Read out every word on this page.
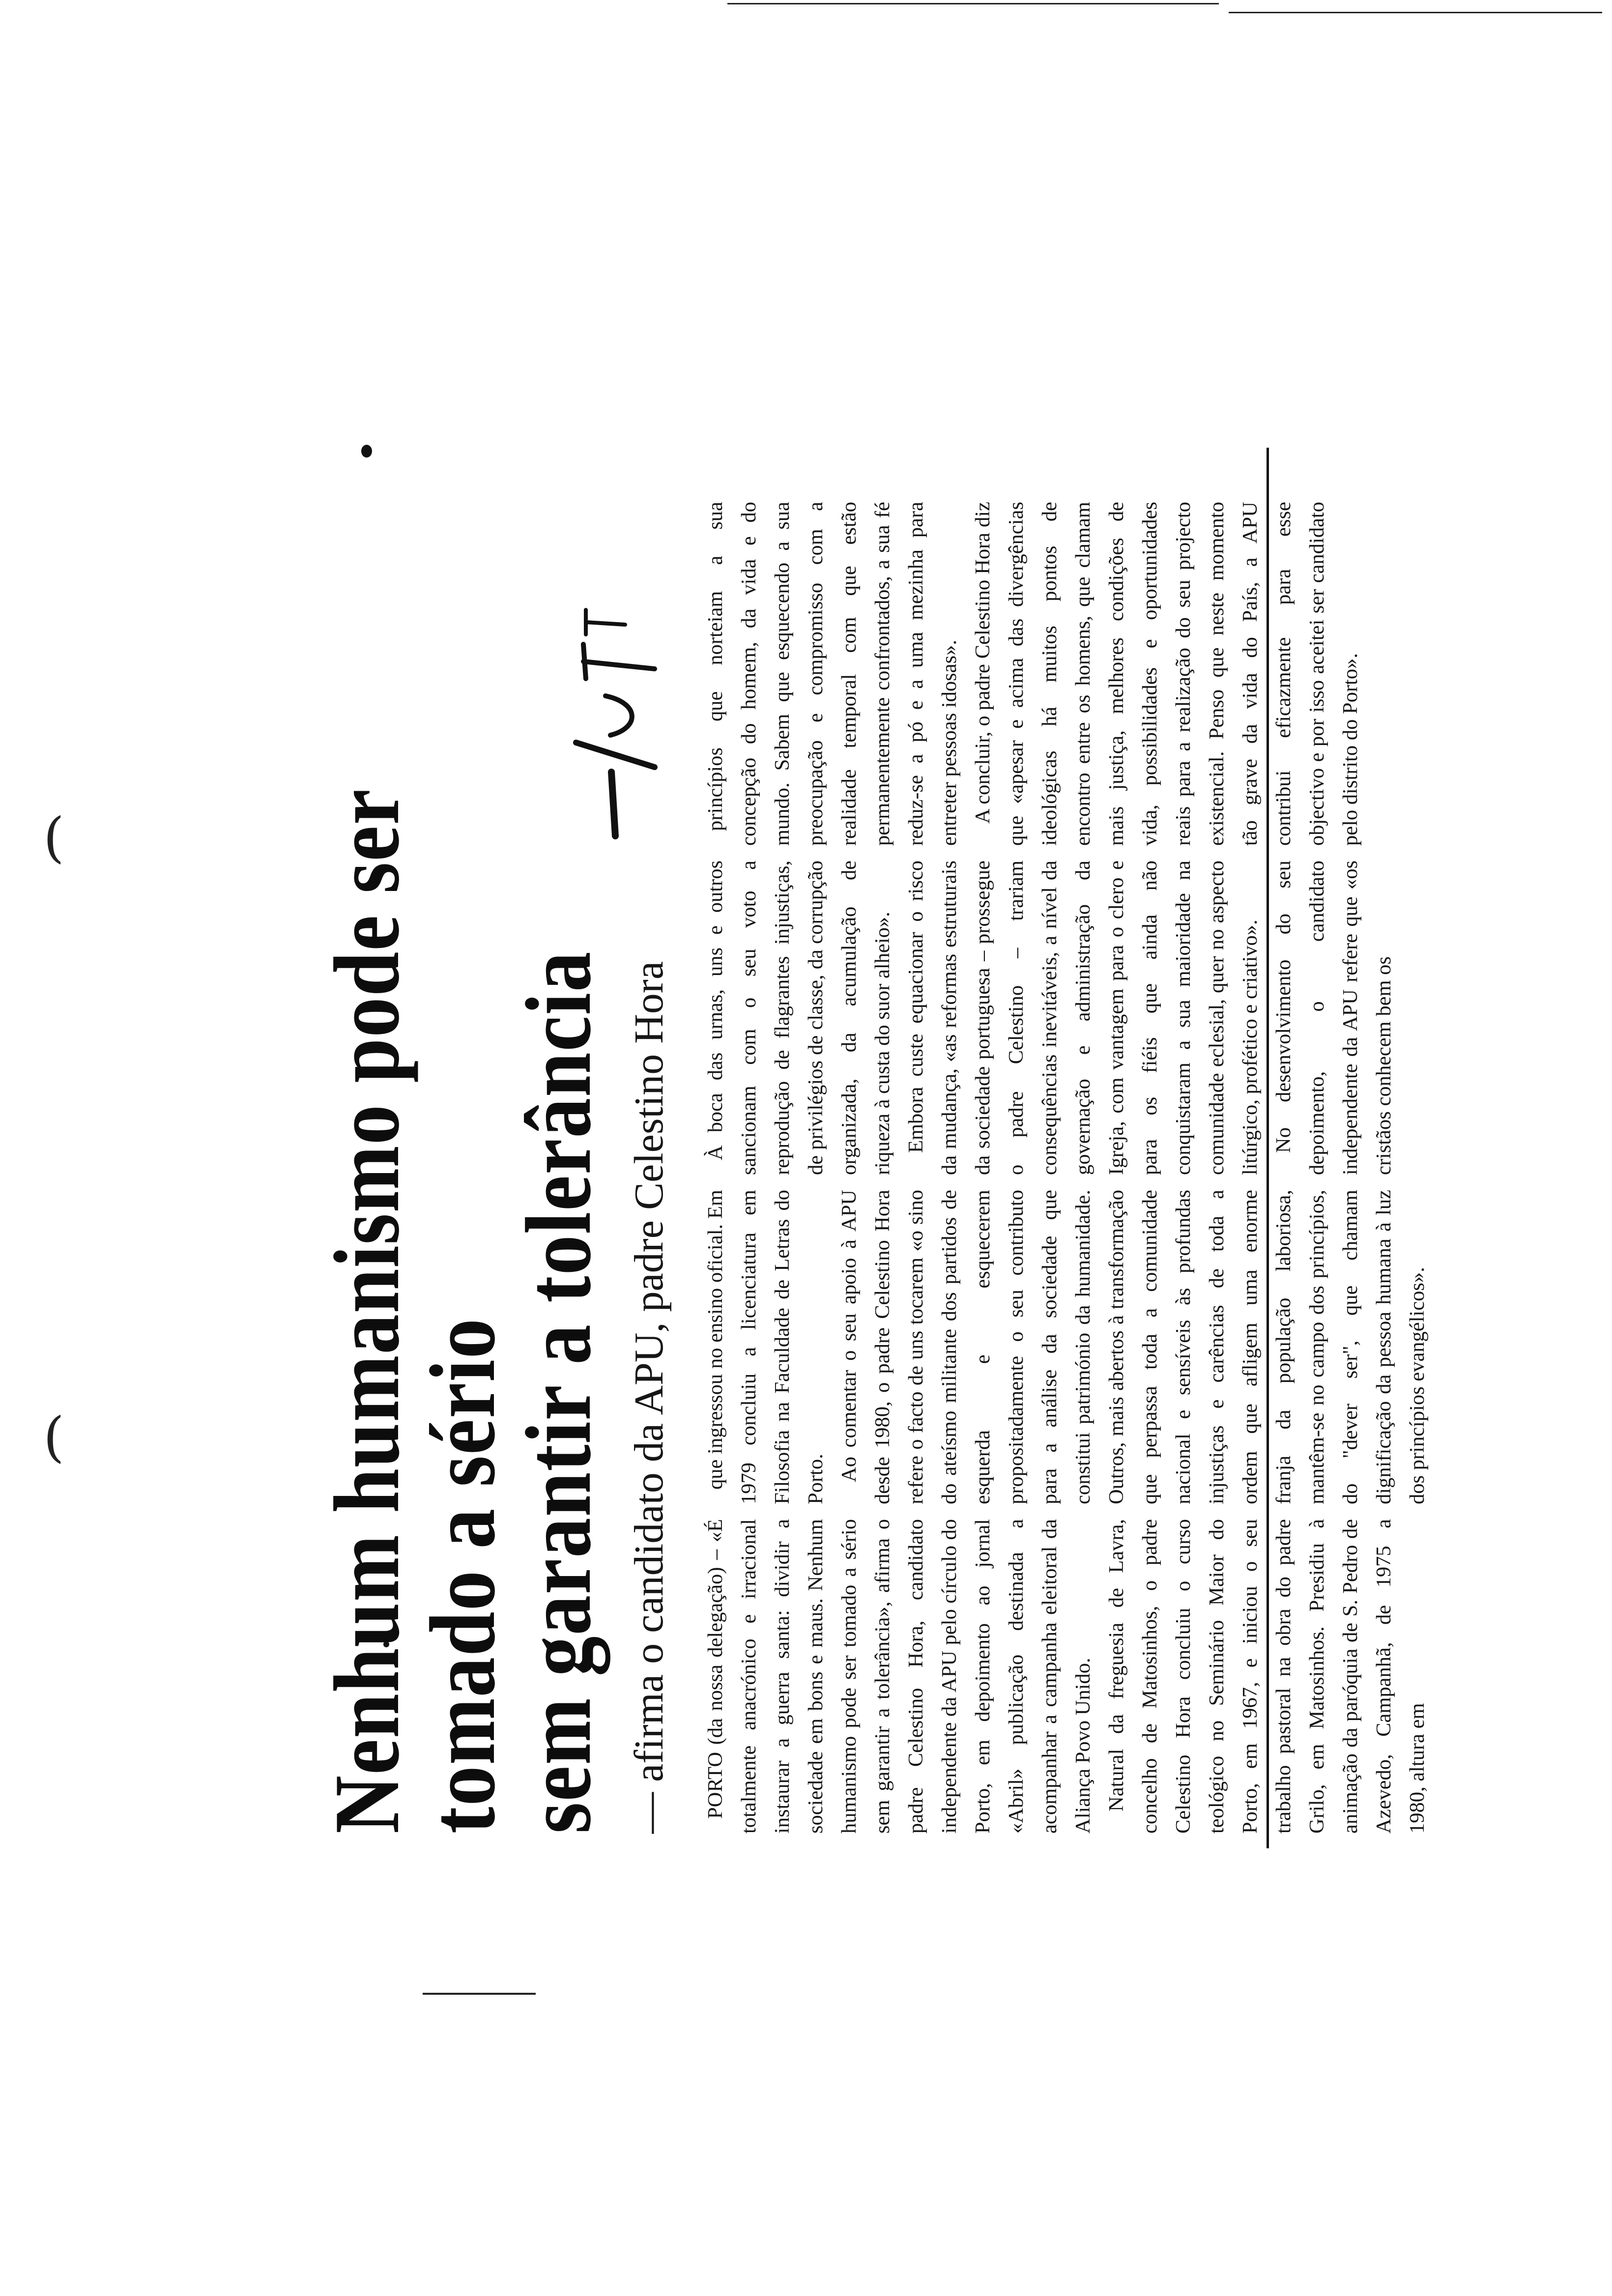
(
(	Nenhum humanismo pode ser
tomado a sério
sem garantir a tolerância — afirma o candidato da APU, padre Celestino Hora PORTO (da nossa delegação) – «É totalmente anacrónico e irracional instaurar a guerra santa: dividir a sociedade em bons e maus. Nenhum humanismo pode ser tomado a sério sem garantir a tolerância», afirma o padre Celestino Hora, candidato independente da APU pelo círculo do Porto, em depoimento ao jornal «Abril» publicação destinada a acompanhar a campanha eleitoral da Aliança Povo Unido. Natural da freguesia de Lavra, concelho de Matosinhos, o padre Celestino Hora concluiu o curso teológico no Seminário Maior do Porto, em 1967, e iniciou o seu trabalho pastoral na obra do padre Grilo, em Matosinhos. Presidiu à animação da paróquia de S. Pedro de Azevedo, Campanhã, de 1975 a 1980, altura em

que ingressou no ensino oficial. Em 1979 concluiu a licenciatura em Filosofia na Faculdade de Letras do Porto. Ao comentar o seu apoio à APU desde 1980, o padre Celestino Hora refere o facto de uns tocarem «o sino do ateísmo militante dos partidos de esquerda e esquecerem propositadamente o seu contributo para a análise da sociedade que constitui património da humanidade. Outros, mais abertos à transformação que perpassa toda a comunidade nacional e sensíveis às profundas injustiças e carências de toda a ordem que afligem uma enorme franja da população laboriosa, mantêm-se no campo dos princípios, do "dever ser", que chamam dignificação da pessoa humana à luz dos princípios evangélicos».

À boca das urnas, uns e outros sancionam com o seu voto a reprodução de flagrantes injustiças, de privilégios de classe, da corrupção organizada, da acumulação de riqueza à custa do suor alheio». Embora custe equacionar o risco da mudança, «as reformas estruturais da sociedade portuguesa – prossegue o padre Celestino – trariam consequências inevitáveis, a nível da governação e administração da Igreja, com vantagem para o clero e para os fiéis que ainda não conquistaram a sua maioridade na comunidade eclesial, quer no aspecto litúrgico, profético e criativo». No desenvolvimento do seu depoimento, o candidato independente da APU refere que «os cristãos conhecem bem os

princípios que norteiam a sua concepção do homem, da vida e do mundo. Sabem que esquecendo a sua preocupação e compromisso com a realidade temporal com que estão permanentemente confrontados, a sua fé reduz-se a pó e a uma mezinha para entreter pessoas idosas». A concluir, o padre Celestino Hora diz que «apesar e acima das divergências ideológicas há muitos pontos de encontro entre os homens, que clamam mais justiça, melhores condições de vida, possibilidades e oportunidades reais para a realização do seu projecto existencial. Penso que neste momento tão grave da vida do País, a APU contribui eficazmente para esse objectivo e por isso aceitei ser candidato pelo distrito do Porto».
